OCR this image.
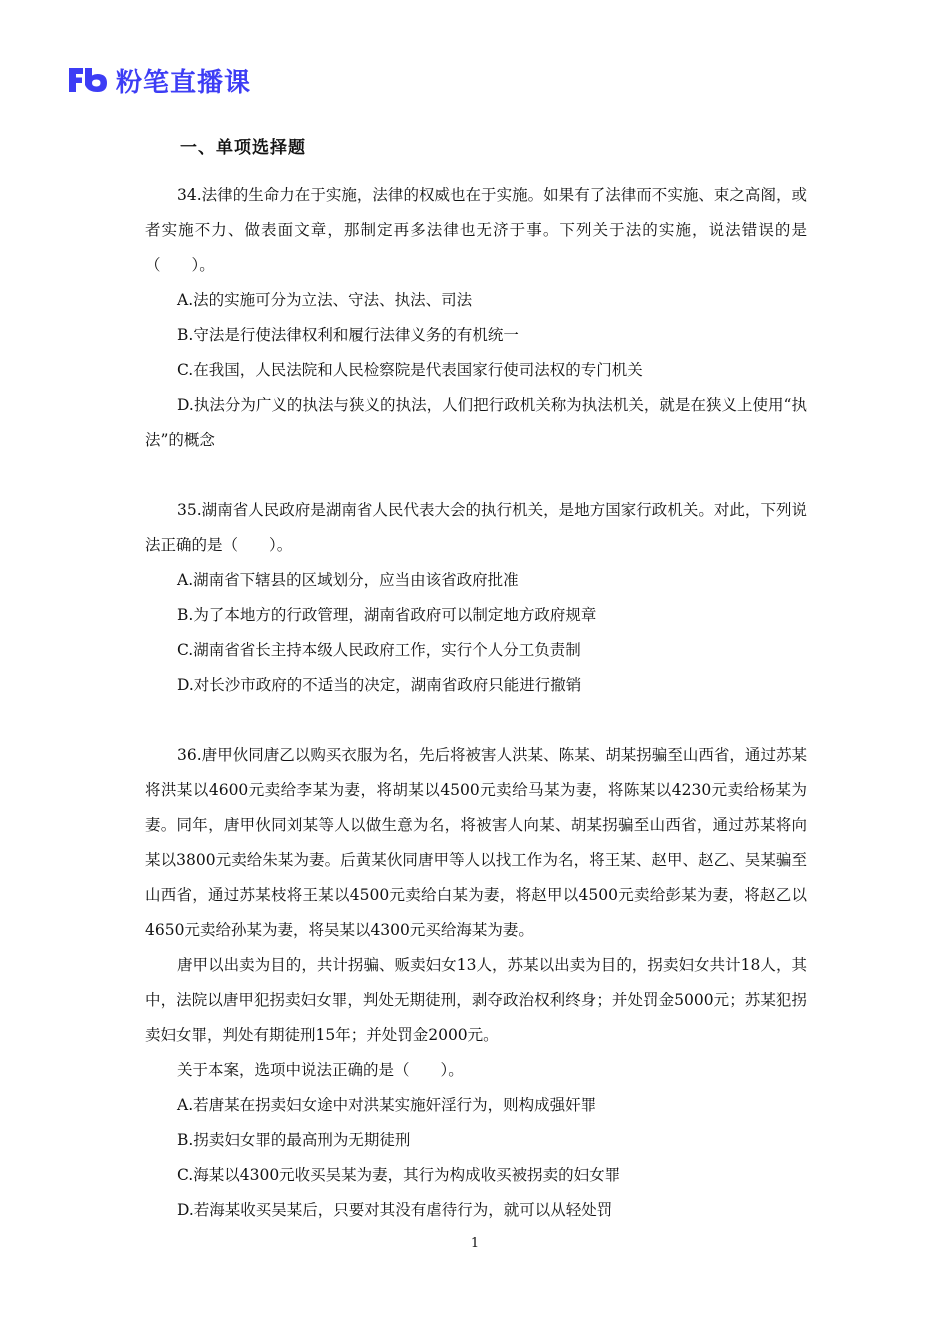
粉笔直播课
一、单项选择题

34.法律的生命力在于实施，法律的权威也在于实施。如果有了法律而不实施、束之高阁，或者实施不力、做表面文章，那制定再多法律也无济于事。下列关于法的实施，说法错误的是（　　）。

A.法的实施可分为立法、守法、执法、司法

B.守法是行使法律权利和履行法律义务的有机统一

C.在我国，人民法院和人民检察院是代表国家行使司法权的专门机关

D.执法分为广义的执法与狭义的执法，人们把行政机关称为执法机关，就是在狭义上使用“执法”的概念

35.湖南省人民政府是湖南省人民代表大会的执行机关，是地方国家行政机关。对此，下列说法正确的是（　　）。

A.湖南省下辖县的区域划分，应当由该省政府批准

B.为了本地方的行政管理，湖南省政府可以制定地方政府规章

C.湖南省省长主持本级人民政府工作，实行个人分工负责制

D.对长沙市政府的不适当的决定，湖南省政府只能进行撤销

36.唐甲伙同唐乙以购买衣服为名，先后将被害人洪某、陈某、胡某拐骗至山西省，通过苏某将洪某以4600元卖给李某为妻，将胡某以4500元卖给马某为妻，将陈某以4230元卖给杨某为妻。同年，唐甲伙同刘某等人以做生意为名，将被害人向某、胡某拐骗至山西省，通过苏某将向某以3800元卖给朱某为妻。后黄某伙同唐甲等人以找工作为名，将王某、赵甲、赵乙、吴某骗至山西省，通过苏某枝将王某以4500元卖给白某为妻，将赵甲以4500元卖给彭某为妻，将赵乙以4650元卖给孙某为妻，将吴某以4300元买给海某为妻。

唐甲以出卖为目的，共计拐骗、贩卖妇女13人，苏某以出卖为目的，拐卖妇女共计18人，其中，法院以唐甲犯拐卖妇女罪，判处无期徒刑，剥夺政治权利终身；并处罚金5000元；苏某犯拐卖妇女罪，判处有期徒刑15年；并处罚金2000元。

关于本案，选项中说法正确的是（　　）。

A.若唐某在拐卖妇女途中对洪某实施奸淫行为，则构成强奸罪

B.拐卖妇女罪的最高刑为无期徒刑

C.海某以4300元收买吴某为妻，其行为构成收买被拐卖的妇女罪

D.若海某收买吴某后，只要对其没有虐待行为，就可以从轻处罚

1
